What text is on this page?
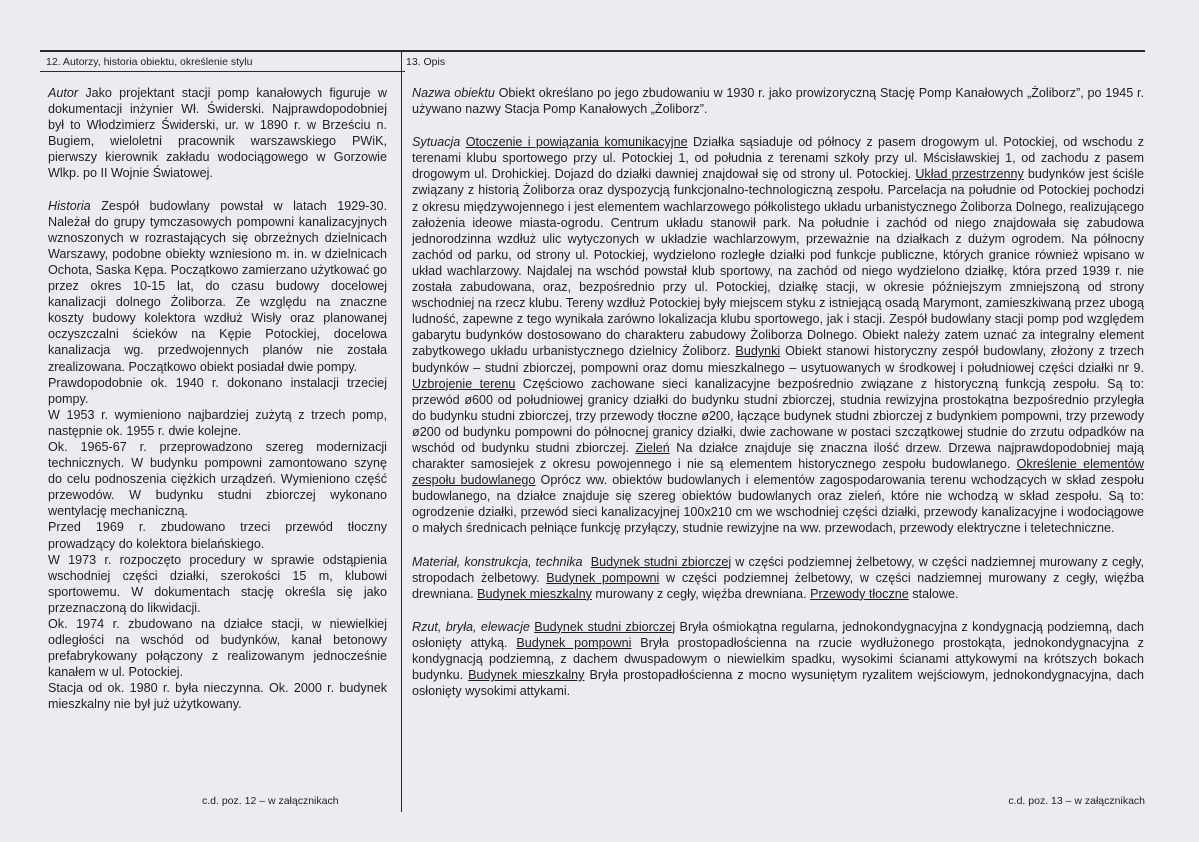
12. Autorzy, historia obiektu, określenie stylu

Autor Jako projektant stacji pomp kanałowych figuruje w dokumentacji inżynier Wł. Świderski. Najprawdopodobniej był to Włodzimierz Świderski, ur. w 1890 r. w Brześciu n. Bugiem, wieloletni pracownik warszawskiego PWiK, pierwszy kierownik zakładu wodociągowego w Gorzowie Wlkp. po II Wojnie Światowej.

Historia Zespół budowlany powstał w latach 1929-30. Należał do grupy tymczasowych pompowni kanalizacyjnych wznoszonych w rozrastających się obrzeżnych dzielnicach Warszawy, podobne obiekty wzniesiono m. in. w dzielnicach Ochota, Saska Kępa. Początkowo zamierzano użytkować go przez okres 10-15 lat, do czasu budowy docelowej kanalizacji dolnego Żoliborza. Ze względu na znaczne koszty budowy kolektora wzdłuż Wisły oraz planowanej oczyszczalni ścieków na Kępie Potockiej, docelowa kanalizacja wg. przedwojennych planów nie została zrealizowana. Początkowo obiekt posiadał dwie pompy.

Prawdopodobnie ok. 1940 r. dokonano instalacji trzeciej pompy.

W 1953 r. wymieniono najbardziej zużytą z trzech pomp, następnie ok. 1955 r. dwie kolejne.

Ok. 1965-67 r. przeprowadzono szereg modernizacji technicznych. W budynku pompowni zamontowano szynę do celu podnoszenia ciężkich urządzeń. Wymieniono część przewodów. W budynku studni zbiorczej wykonano wentylację mechaniczną.

Przed 1969 r. zbudowano trzeci przewód tłoczny prowadzący do kolektora bielańskiego.

W 1973 r. rozpoczęto procedury w sprawie odstąpienia wschodniej części działki, szerokości 15 m, klubowi sportowemu. W dokumentach stację określa się jako przeznaczoną do likwidacji.

Ok. 1974 r. zbudowano na działce stacji, w niewielkiej odległości na wschód od budynków, kanał betonowy prefabrykowany połączony z realizowanym jednocześnie kanałem w ul. Potockiej.

Stacja od ok. 1980 r. była nieczynna. Ok. 2000 r. budynek mieszkalny nie był już użytkowany.

c.d. poz. 12 – w załącznikach
13. Opis

Nazwa obiektu Obiekt określano po jego zbudowaniu w 1930 r. jako prowizoryczną Stację Pomp Kanałowych „Żoliborz”, po 1945 r. używano nazwy Stacja Pomp Kanałowych „Żoliborz”.

Sytuacja Otoczenie i powiązania komunikacyjne Działka sąsiaduje od północy z pasem drogowym ul. Potockiej, od wschodu z terenami klubu sportowego przy ul. Potockiej 1, od południa z terenami szkoły przy ul. Mścisławskiej 1, od zachodu z pasem drogowym ul. Drohickiej. Dojazd do działki dawniej znajdował się od strony ul. Potockiej. Układ przestrzenny budynków jest ściśle związany z historią Żoliborza oraz dyspozycją funkcjonalno-technologiczną zespołu. Parcelacja na południe od Potockiej pochodzi z okresu międzywojennego i jest elementem wachlarzowego półkolistego układu urbanistycznego Żoliborza Dolnego, realizującego założenia ideowe miasta-ogrodu. Centrum układu stanowił park. Na południe i zachód od niego znajdowała się zabudowa jednorodzinna wzdłuż ulic wytyczonych w układzie wachlarzowym, przeważnie na działkach z dużym ogrodem. Na północny zachód od parku, od strony ul. Potockiej, wydzielono rozległe działki pod funkcje publiczne, których granice również wpisano w układ wachlarzowy. Najdalej na wschód powstał klub sportowy, na zachód od niego wydzielono działkę, która przed 1939 r. nie została zabudowana, oraz, bezpośrednio przy ul. Potockiej, działkę stacji, w okresie późniejszym zmniejszoną od strony wschodniej na rzecz klubu. Tereny wzdłuż Potockiej były miejscem styku z istniejącą osadą Marymont, zamieszkiwaną przez ubogą ludność, zapewne z tego wynikała zarówno lokalizacja klubu sportowego, jak i stacji. Zespół budowlany stacji pomp pod względem gabarytu budynków dostosowano do charakteru zabudowy Żoliborza Dolnego. Obiekt należy zatem uznać za integralny element zabytkowego układu urbanistycznego dzielnicy Żoliborz. Budynki Obiekt stanowi historyczny zespół budowlany, złożony z trzech budynków – studni zbiorczej, pompowni oraz domu mieszkalnego – usytuowanych w środkowej i południowej części działki nr 9. Uzbrojenie terenu Częściowo zachowane sieci kanalizacyjne bezpośrednio związane z historyczną funkcją zespołu. Są to: przewód ø600 od południowej granicy działki do budynku studni zbiorczej, studnia rewizyjna prostokątna bezpośrednio przyległa do budynku studni zbiorczej, trzy przewody tłoczne ø200, łączące budynek studni zbiorczej z budynkiem pompowni, trzy przewody ø200 od budynku pompowni do północnej granicy działki, dwie zachowane w postaci szczątkowej studnie do zrzutu odpadków na wschód od budynku studni zbiorczej. Zieleń Na działce znajduje się znaczna ilość drzew. Drzewa najprawdopodobniej mają charakter samosiejek z okresu powojennego i nie są elementem historycznego zespołu budowlanego. Określenie elementów zespołu budowlanego Oprócz ww. obiektów budowlanych i elementów zagospodarowania terenu wchodzących w skład zespołu budowlanego, na działce znajduje się szereg obiektów budowlanych oraz zieleń, które nie wchodzą w skład zespołu. Są to: ogrodzenie działki, przewód sieci kanalizacyjnej 100x210 cm we wschodniej części działki, przewody kanalizacyjne i wodociągowe o małych średnicach pełniące funkcję przyłączy, studnie rewizyjne na ww. przewodach, przewody elektryczne i teletechniczne.

Materiał, konstrukcja, technika Budynek studni zbiorczej w części podziemnej żelbetowy, w części nadziemnej murowany z cegły, stropodach żelbetowy. Budynek pompowni w części podziemnej żelbetowy, w części nadziemnej murowany z cegły, więźba drewniana. Budynek mieszkalny murowany z cegły, więźba drewniana. Przewody tłoczne stalowe.

Rzut, bryła, elewacje Budynek studni zbiorczej Bryła ośmiokątna regularna, jednokondygnacyjna z kondygnacją podziemną, dach osłonięty attyką. Budynek pompowni Bryła prostopadłościenna na rzucie wydłużonego prostokąta, jednokondygnacyjna z kondygnacją podziemną, z dachem dwuspadowym o niewielkim spadku, wysokimi ścianami attykowymi na krótszych bokach budynku. Budynek mieszkalny Bryła prostopadłościenna z mocno wysuniętym ryzalitem wejściowym, jednokondygnacyjna, dach osłonięty wysokimi attykami.

c.d. poz. 13 – w załącznikach
